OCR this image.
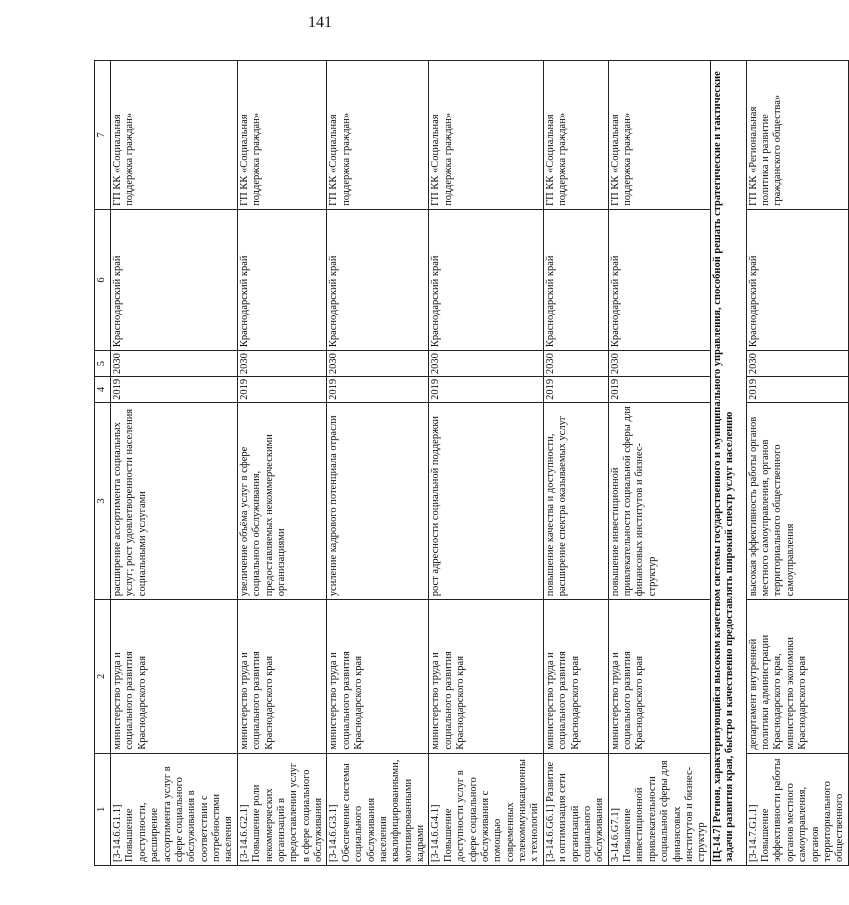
141
1	2	3	4	5	6	7
[3-14.6.G1.1] Повышение доступности, расширение ассортимента услуг в сфере социального обслуживания в соответствии с потребностями населения	министерство труда и социального развития Краснодарского края	расширение ассортимента социальных услуг; рост удовлетворенности населения социальными услугами	2019	2030	Краснодарский край	ГП КК «Социальная поддержка граждан»
[3-14.6.G2.1] Повышение роли некоммерческих организаций в предоставлении услуг в сфере социального обслуживания	министерство труда и социального развития Краснодарского края	увеличение объёма услуг в сфере социального обслуживания, предоставляемых некоммерческими организациями	2019	2030	Краснодарский край	ГП КК «Социальная поддержка граждан»
[3-14.6.G3.1] Обеспечение системы социального обслуживания населения квалифицированными, мотивированными кадрами	министерство труда и социального развития Краснодарского края	усиление кадрового потенциала отрасли	2019	2030	Краснодарский край	ГП КК «Социальная поддержка граждан»
[3-14.6.G4.1] Повышение доступности услуг в сфере социального обслуживания с помощью современных телекоммуникационных технологий	министерство труда и социального развития Краснодарского края	рост адресности социальной поддержки	2019	2030	Краснодарский край	ГП КК «Социальная поддержка граждан»
[3-14.6.G6.1] Развитие и оптимизация сети организаций социального обслуживания	министерство труда и социального развития Краснодарского края	повышение качества и доступности, расширение спектра оказываемых услуг	2019	2030	Краснодарский край	ГП КК «Социальная поддержка граждан»
3-14.6.G7.1] Повышение инвестиционной привлекательности социальной сферы для финансовых институтов и бизнес-структур	министерство труда и социального развития Краснодарского края	повышение инвестиционной привлекательности социальной сферы для финансовых институтов и бизнес-структур	2019	2030	Краснодарский край	ГП КК «Социальная поддержка граждан»
[Ц-14.7] Регион, характеризующийся высоким качеством системы государственного и муниципального управления, способной решать стратегические и тактические задачи развития края, быстро и качественно предоставлять широкий спектр услуг населению						
[3-14.7.G1.1] Повышение эффективности работы органов местного самоуправления, органов территориального общественного	департамент внутренней политики администрации Краснодарского края, министерство экономики Краснодарского края	высокая эффективность работы органов местного самоуправления, органов территориального общественного самоуправления	2019	2030	Краснодарский край	ГП КК «Региональная политика и развитие гражданского общества»
